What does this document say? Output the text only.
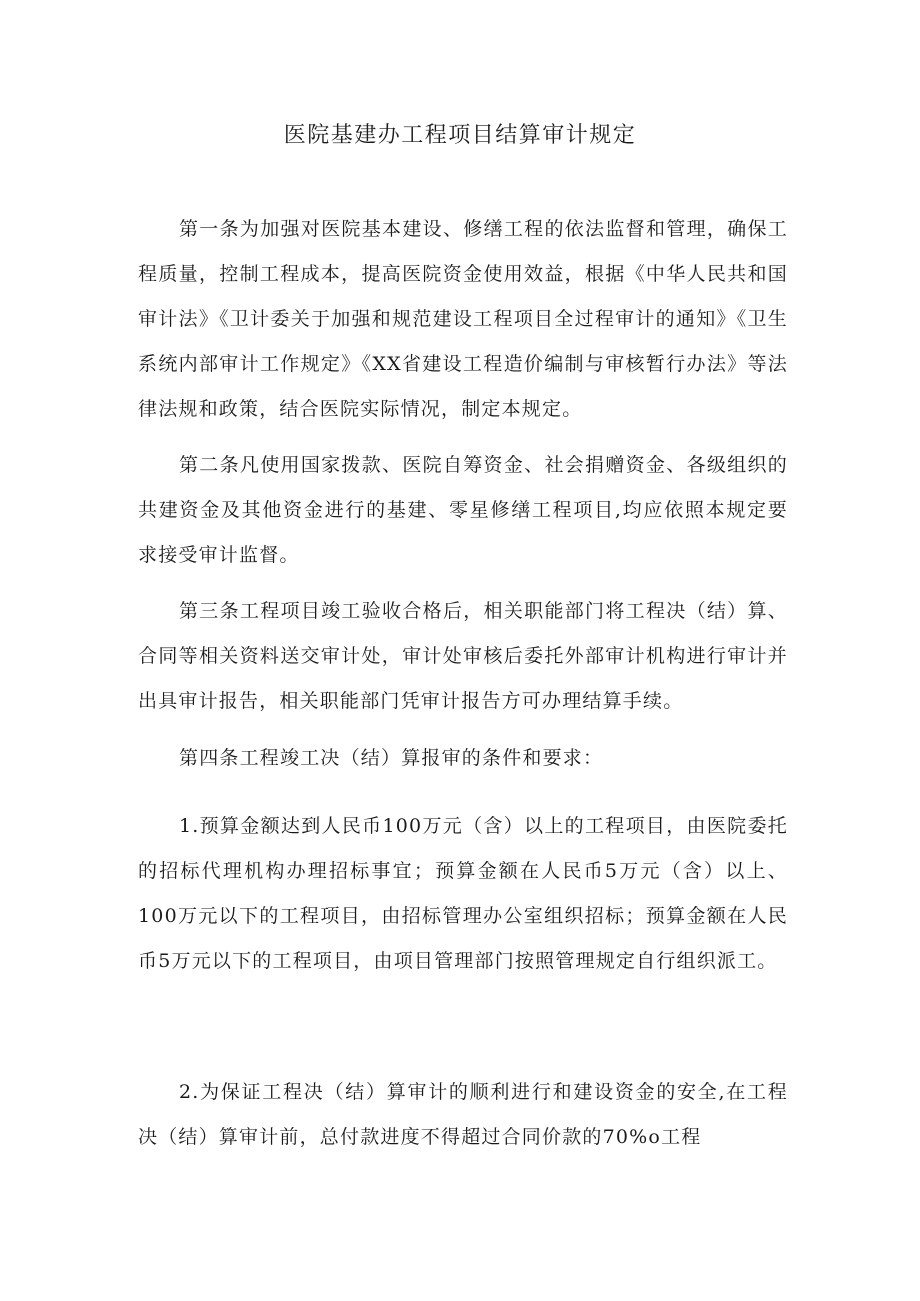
医院基建办工程项目结算审计规定

第一条为加强对医院基本建设、修缮工程的依法监督和管理，确保工程质量，控制工程成本，提高医院资金使用效益，根据《中华人民共和国审计法》《卫计委关于加强和规范建设工程项目全过程审计的通知》《卫生系统内部审计工作规定》《XX省建设工程造价编制与审核暂行办法》等法律法规和政策，结合医院实际情况，制定本规定。

第二条凡使用国家拨款、医院自筹资金、社会捐赠资金、各级组织的共建资金及其他资金进行的基建、零星修缮工程项目,均应依照本规定要求接受审计监督。

第三条工程项目竣工验收合格后，相关职能部门将工程决（结）算、合同等相关资料送交审计处，审计处审核后委托外部审计机构进行审计并出具审计报告，相关职能部门凭审计报告方可办理结算手续。

第四条工程竣工决（结）算报审的条件和要求：

1.预算金额达到人民币100万元（含）以上的工程项目，由医院委托的招标代理机构办理招标事宜；预算金额在人民币5万元（含）以上、100万元以下的工程项目，由招标管理办公室组织招标；预算金额在人民币5万元以下的工程项目，由项目管理部门按照管理规定自行组织派工。

2.为保证工程决（结）算审计的顺利进行和建设资金的安全,在工程决（结）算审计前，总付款进度不得超过合同价款的70%o工程
